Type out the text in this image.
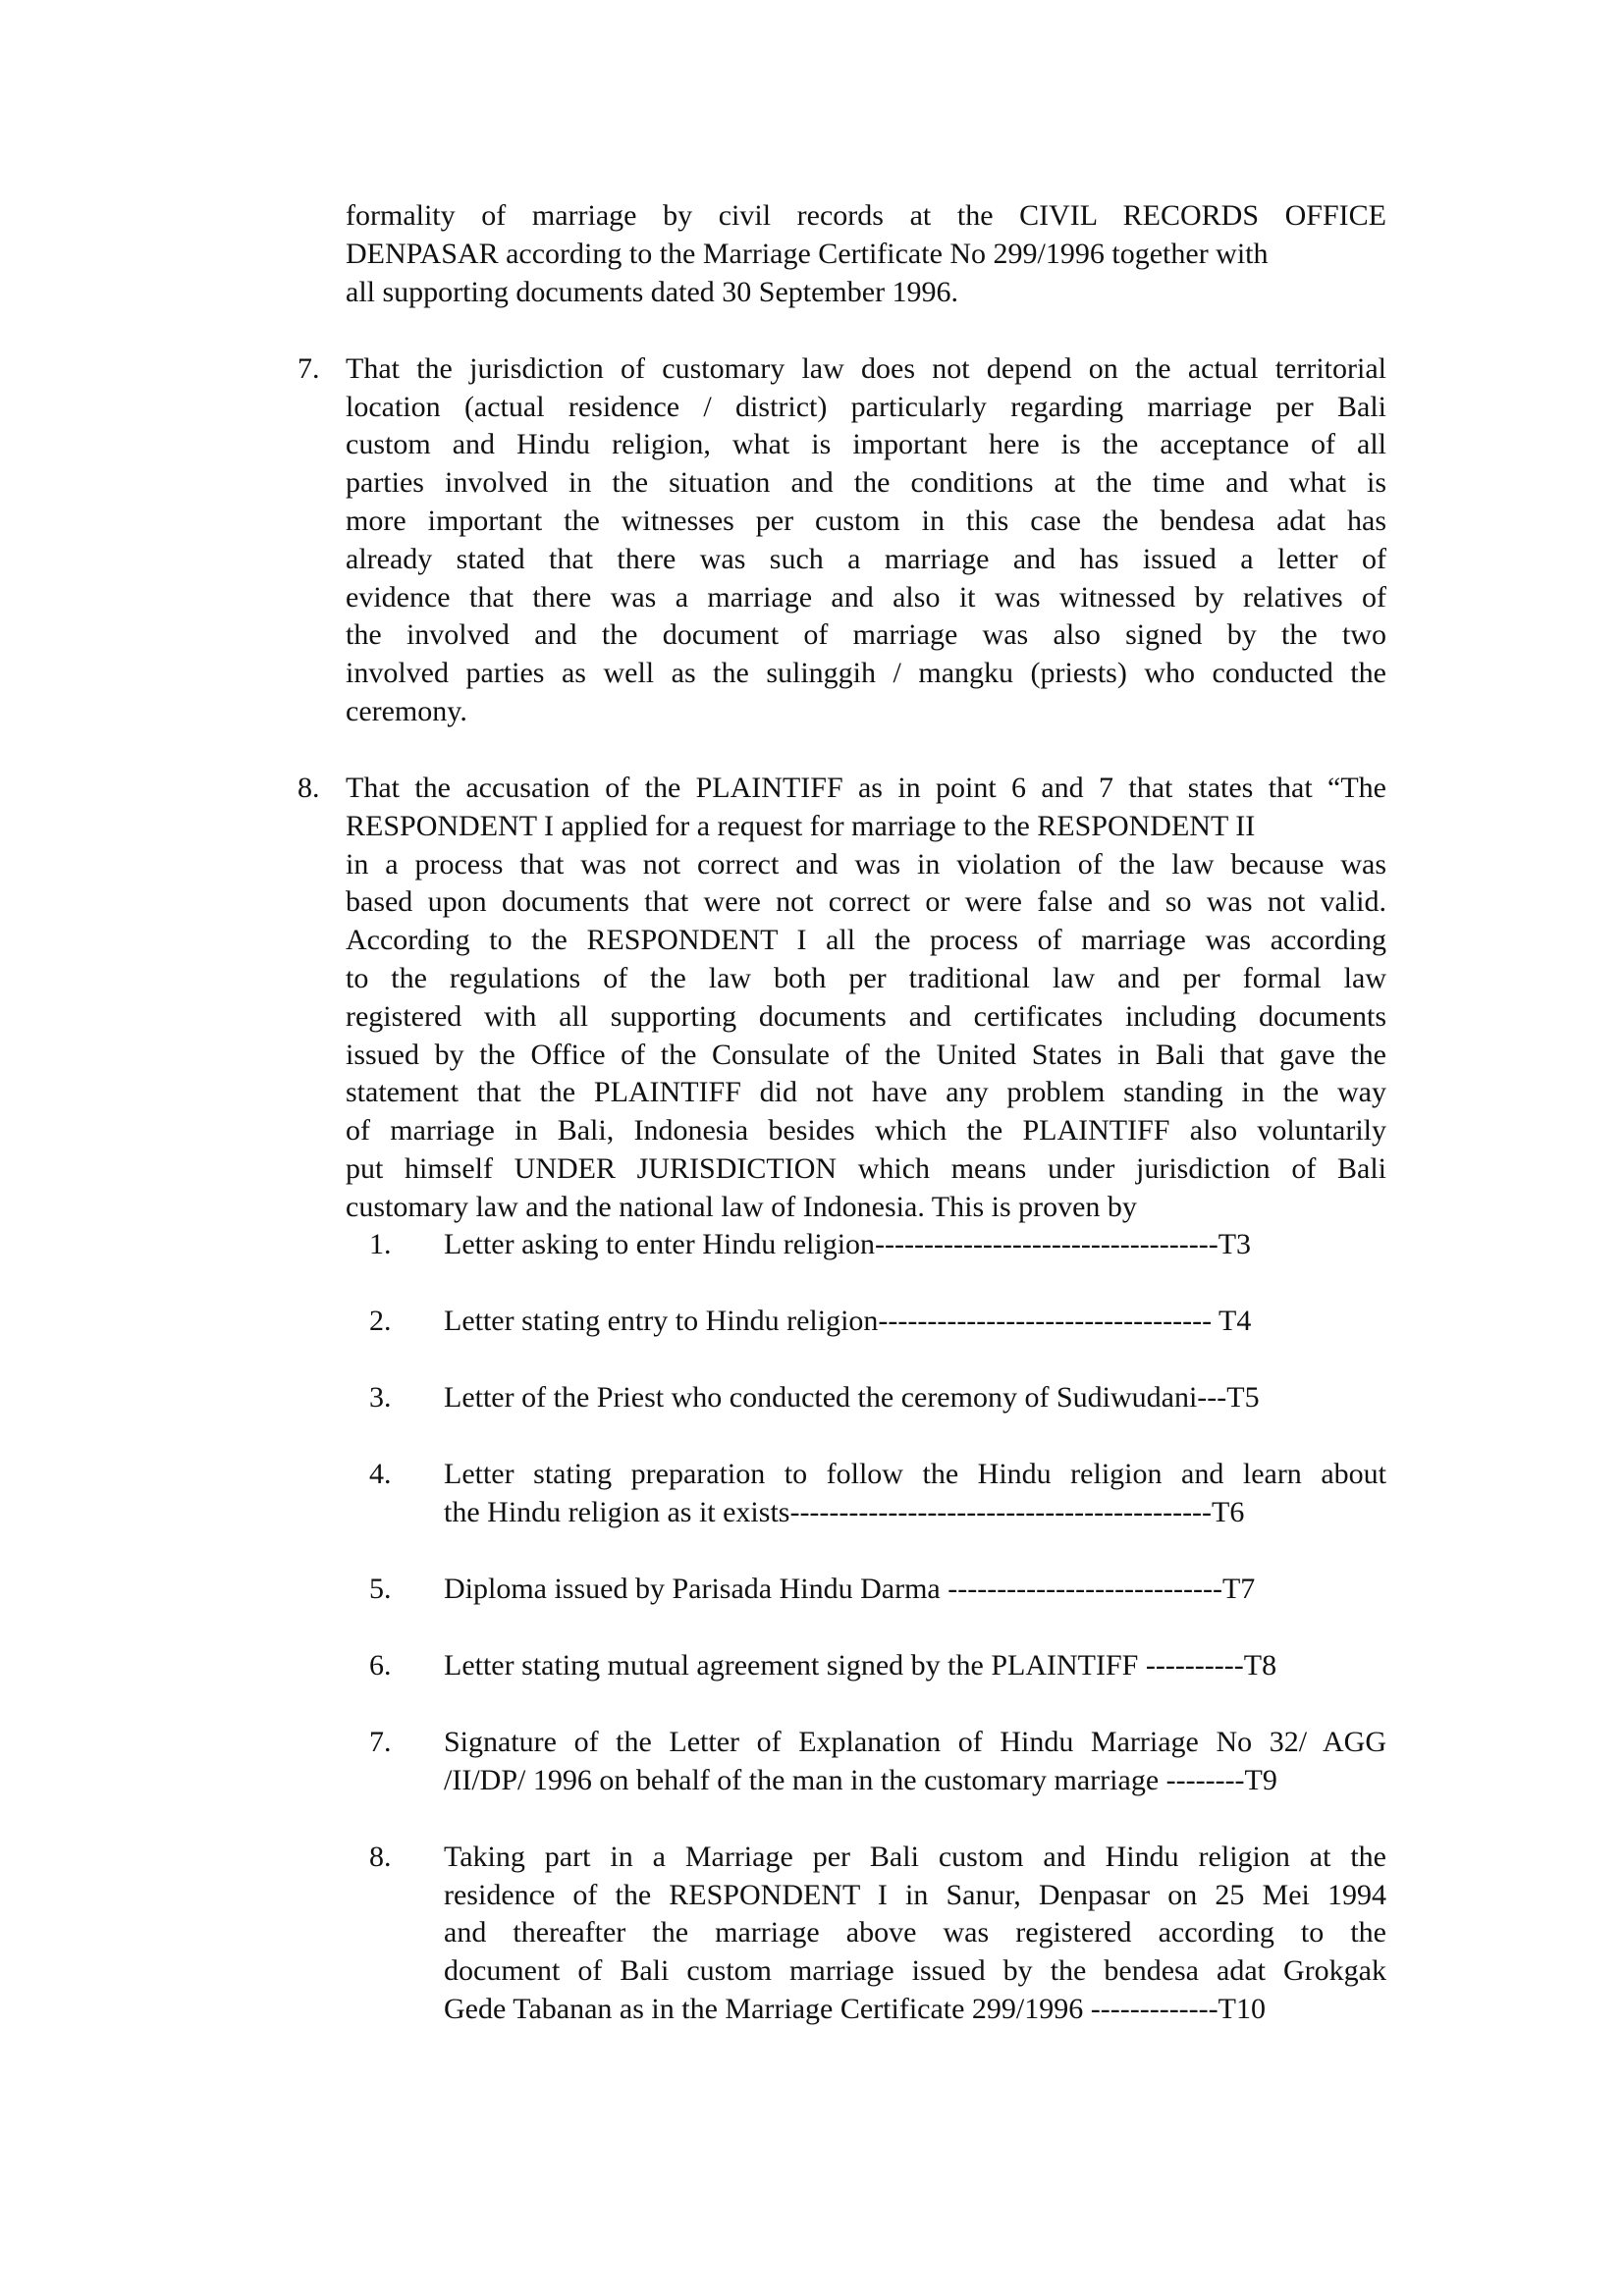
formality of marriage by civil records at the CIVIL RECORDS OFFICE

DENPASAR according to the Marriage Certificate No 299/1996 together with

all supporting documents dated 30 September 1996.

7. That the jurisdiction of customary law does not depend on the actual territorial

location (actual residence / district) particularly regarding marriage per Bali

custom and Hindu religion, what is important here is the acceptance of all

parties involved in the situation and the conditions at the time and what is

more important the witnesses per custom in this case the bendesa adat has

already stated that there was such a marriage and has issued a letter of

evidence that there was a marriage and also it was witnessed by relatives of

the involved and the document of marriage was also signed by the two

involved parties as well as the sulinggih / mangku (priests) who conducted the

ceremony.

8. That the accusation of the PLAINTIFF as in point 6 and 7 that states that “The

RESPONDENT I applied for a request for marriage to the RESPONDENT II

in a process that was not correct and was in violation of the law because was

based upon documents that were not correct or were false and so was not valid.

According to the RESPONDENT I all the process of marriage was according

to the regulations of the law both per traditional law and per formal law

registered with all supporting documents and certificates including documents

issued by the Office of the Consulate of the United States in Bali that gave the

statement that the PLAINTIFF did not have any problem standing in the way

of marriage in Bali, Indonesia besides which the PLAINTIFF also voluntarily

put himself UNDER JURISDICTION which means under jurisdiction of Bali

customary law and the national law of Indonesia. This is proven by

1. Letter asking to enter Hindu religion-----------------------------------T3

2. Letter stating entry to Hindu religion---------------------------------- T4

3. Letter of the Priest who conducted the ceremony of Sudiwudani---T5

4. Letter stating preparation to follow the Hindu religion and learn about

the Hindu religion as it exists-------------------------------------------T6

5. Diploma issued by Parisada Hindu Darma ----------------------------T7

6. Letter stating mutual agreement signed by the PLAINTIFF ----------T8

7. Signature of the Letter of Explanation of Hindu Marriage No 32/ AGG

/II/DP/ 1996 on behalf of the man in the customary marriage --------T9

8. Taking part in a Marriage per Bali custom and Hindu religion at the

residence of the RESPONDENT I in Sanur, Denpasar on 25 Mei 1994

and thereafter the marriage above was registered according to the

document of Bali custom marriage issued by the bendesa adat Grokgak

Gede Tabanan as in the Marriage Certificate 299/1996 -------------T10
